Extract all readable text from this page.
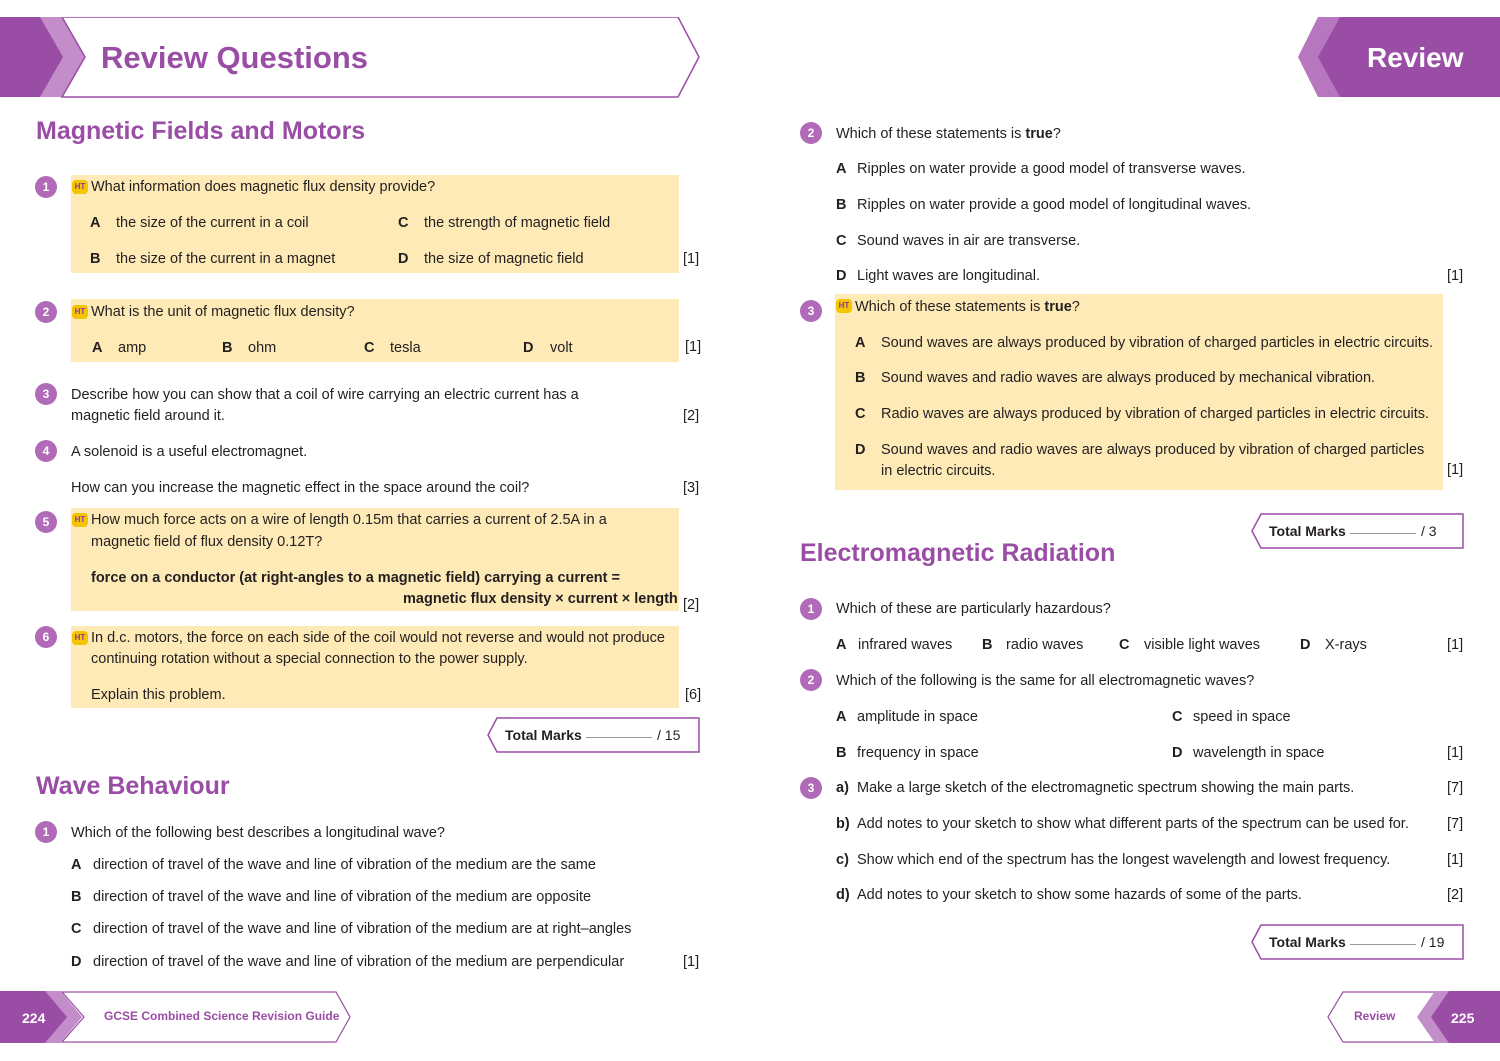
Review Questions	Review
Magnetic Fields and Motors
1	HT What information does magnetic flux density provide?
A the size of the current in a coil	C the strength of magnetic field
B the size of the current in a magnet	D the size of magnetic field	[1]
2	HT What is the unit of magnetic flux density?
A amp	B ohm	C tesla	D volt	[1]
3	Describe how you can show that a coil of wire carrying an electric current has a
magnetic field around it.	[2]
4	A solenoid is a useful electromagnet.
How can you increase the magnetic effect in the space around the coil?	[3]
5	HT How much force acts on a wire of length 0.15m that carries a current of 2.5A in a
magnetic field of flux density 0.12T?
force on a conductor (at right-angles to a magnetic field) carrying a current =
magnetic flux density × current × length [2]
6	HT In d.c. motors, the force on each side of the coil would not reverse and would not produce
continuing rotation without a special connection to the power supply.
Explain this problem.	[6]
Total Marks	/ 15
Wave Behaviour
1	Which of the following best describes a longitudinal wave?
A direction of travel of the wave and line of vibration of the medium are the same
B direction of travel of the wave and line of vibration of the medium are opposite
C direction of travel of the wave and line of vibration of the medium are at right–angles
D direction of travel of the wave and line of vibration of the medium are perpendicular	[1]
2	Which of these statements is true?
A Ripples on water provide a good model of transverse waves.
B Ripples on water provide a good model of longitudinal waves.
C Sound waves in air are transverse.
D Light waves are longitudinal.	[1]
3	HT Which of these statements is true?
A Sound waves are always produced by vibration of charged particles in electric circuits.
B Sound waves and radio waves are always produced by mechanical vibration.
C Radio waves are always produced by vibration of charged particles in electric circuits.
D Sound waves and radio waves are always produced by vibration of charged particles
in electric circuits.	[1]
Total Marks	/ 3
Electromagnetic Radiation
1	Which of these are particularly hazardous?
A infrared waves B radio waves C visible light waves	D X-rays	[1]
2	Which of the following is the same for all electromagnetic waves?
A amplitude in space	C speed in space
B frequency in space	D wavelength in space	[1]
3	a) Make a large sketch of the electromagnetic spectrum showing the main parts.	[7]
b) Add notes to your sketch to show what different parts of the spectrum can be used for.	[7]
c) Show which end of the spectrum has the longest wavelength and lowest frequency.	[1]
d) Add notes to your sketch to show some hazards of some of the parts.	[2]
Total Marks	/ 19
224	GCSE Combined Science Revision Guide	Review	225
